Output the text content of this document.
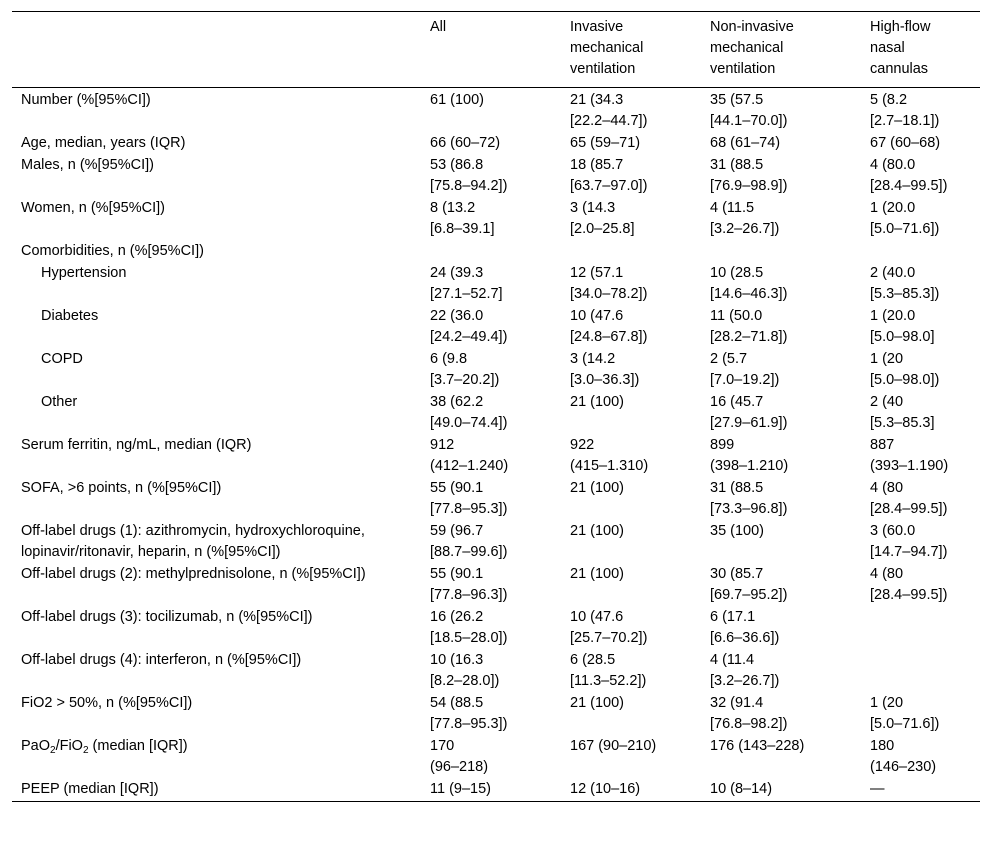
	All	Invasive
mechanical
ventilation	Non-invasive
mechanical
ventilation	High-flow
nasal
cannulas
Number (%[95%CI])	61 (100)	21 (34.3
[22.2–44.7])	35 (57.5
[44.1–70.0])	5 (8.2
[2.7–18.1])
Age, median, years (IQR)	66 (60–72)	65 (59–71)	68 (61–74)	67 (60–68)
Males, n (%[95%CI])	53 (86.8
[75.8–94.2])	18 (85.7
[63.7–97.0])	31 (88.5
[76.9–98.9])	4 (80.0
[28.4–99.5])
Women, n (%[95%CI])	8 (13.2
[6.8–39.1]	3 (14.3
[2.0–25.8]	4 (11.5
[3.2–26.7])	1 (20.0
[5.0–71.6])
Comorbidities, n (%[95%CI])				
Hypertension	24 (39.3
[27.1–52.7]	12 (57.1
[34.0–78.2])	10 (28.5
[14.6–46.3])	2 (40.0
[5.3–85.3])
Diabetes	22 (36.0
[24.2–49.4])	10 (47.6
[24.8–67.8])	11 (50.0
[28.2–71.8])	1 (20.0
[5.0–98.0]
COPD	6 (9.8
[3.7–20.2])	3 (14.2
[3.0–36.3])	2 (5.7
[7.0–19.2])	1 (20
[5.0–98.0])
Other	38 (62.2
[49.0–74.4])	21 (100)	16 (45.7
[27.9–61.9])	2 (40
[5.3–85.3]
Serum ferritin, ng/mL, median (IQR)	912
(412–1.240)	922
(415–1.310)	899
(398–1.210)	887
(393–1.190)
SOFA, >6 points, n (%[95%CI])	55 (90.1
[77.8–95.3])	21 (100)	31 (88.5
[73.3–96.8])	4 (80
[28.4–99.5])
Off-label drugs (1): azithromycin, hydroxychloroquine, lopinavir/ritonavir, heparin, n (%[95%CI])	59 (96.7
[88.7–99.6])	21 (100)	35 (100)	3 (60.0
[14.7–94.7])
Off-label drugs (2): methylprednisolone, n (%[95%CI])	55 (90.1
[77.8–96.3])	21 (100)	30 (85.7
[69.7–95.2])	4 (80
[28.4–99.5])
Off-label drugs (3): tocilizumab, n (%[95%CI])	16 (26.2
[18.5–28.0])	10 (47.6
[25.7–70.2])	6 (17.1
[6.6–36.6])	
Off-label drugs (4): interferon, n (%[95%CI])	10 (16.3
[8.2–28.0])	6 (28.5
[11.3–52.2])	4 (11.4
[3.2–26.7])	
FiO2 > 50%, n (%[95%CI])	54 (88.5
[77.8–95.3])	21 (100)	32 (91.4
[76.8–98.2])	1 (20
[5.0–71.6])
PaO$_2$/FiO$_2$ (median [IQR])	170
(96–218)	167 (90–210)	176 (143–228)	180
(146–230)
PEEP (median [IQR])	11 (9–15)	12 (10–16)	10 (8–14)	—
